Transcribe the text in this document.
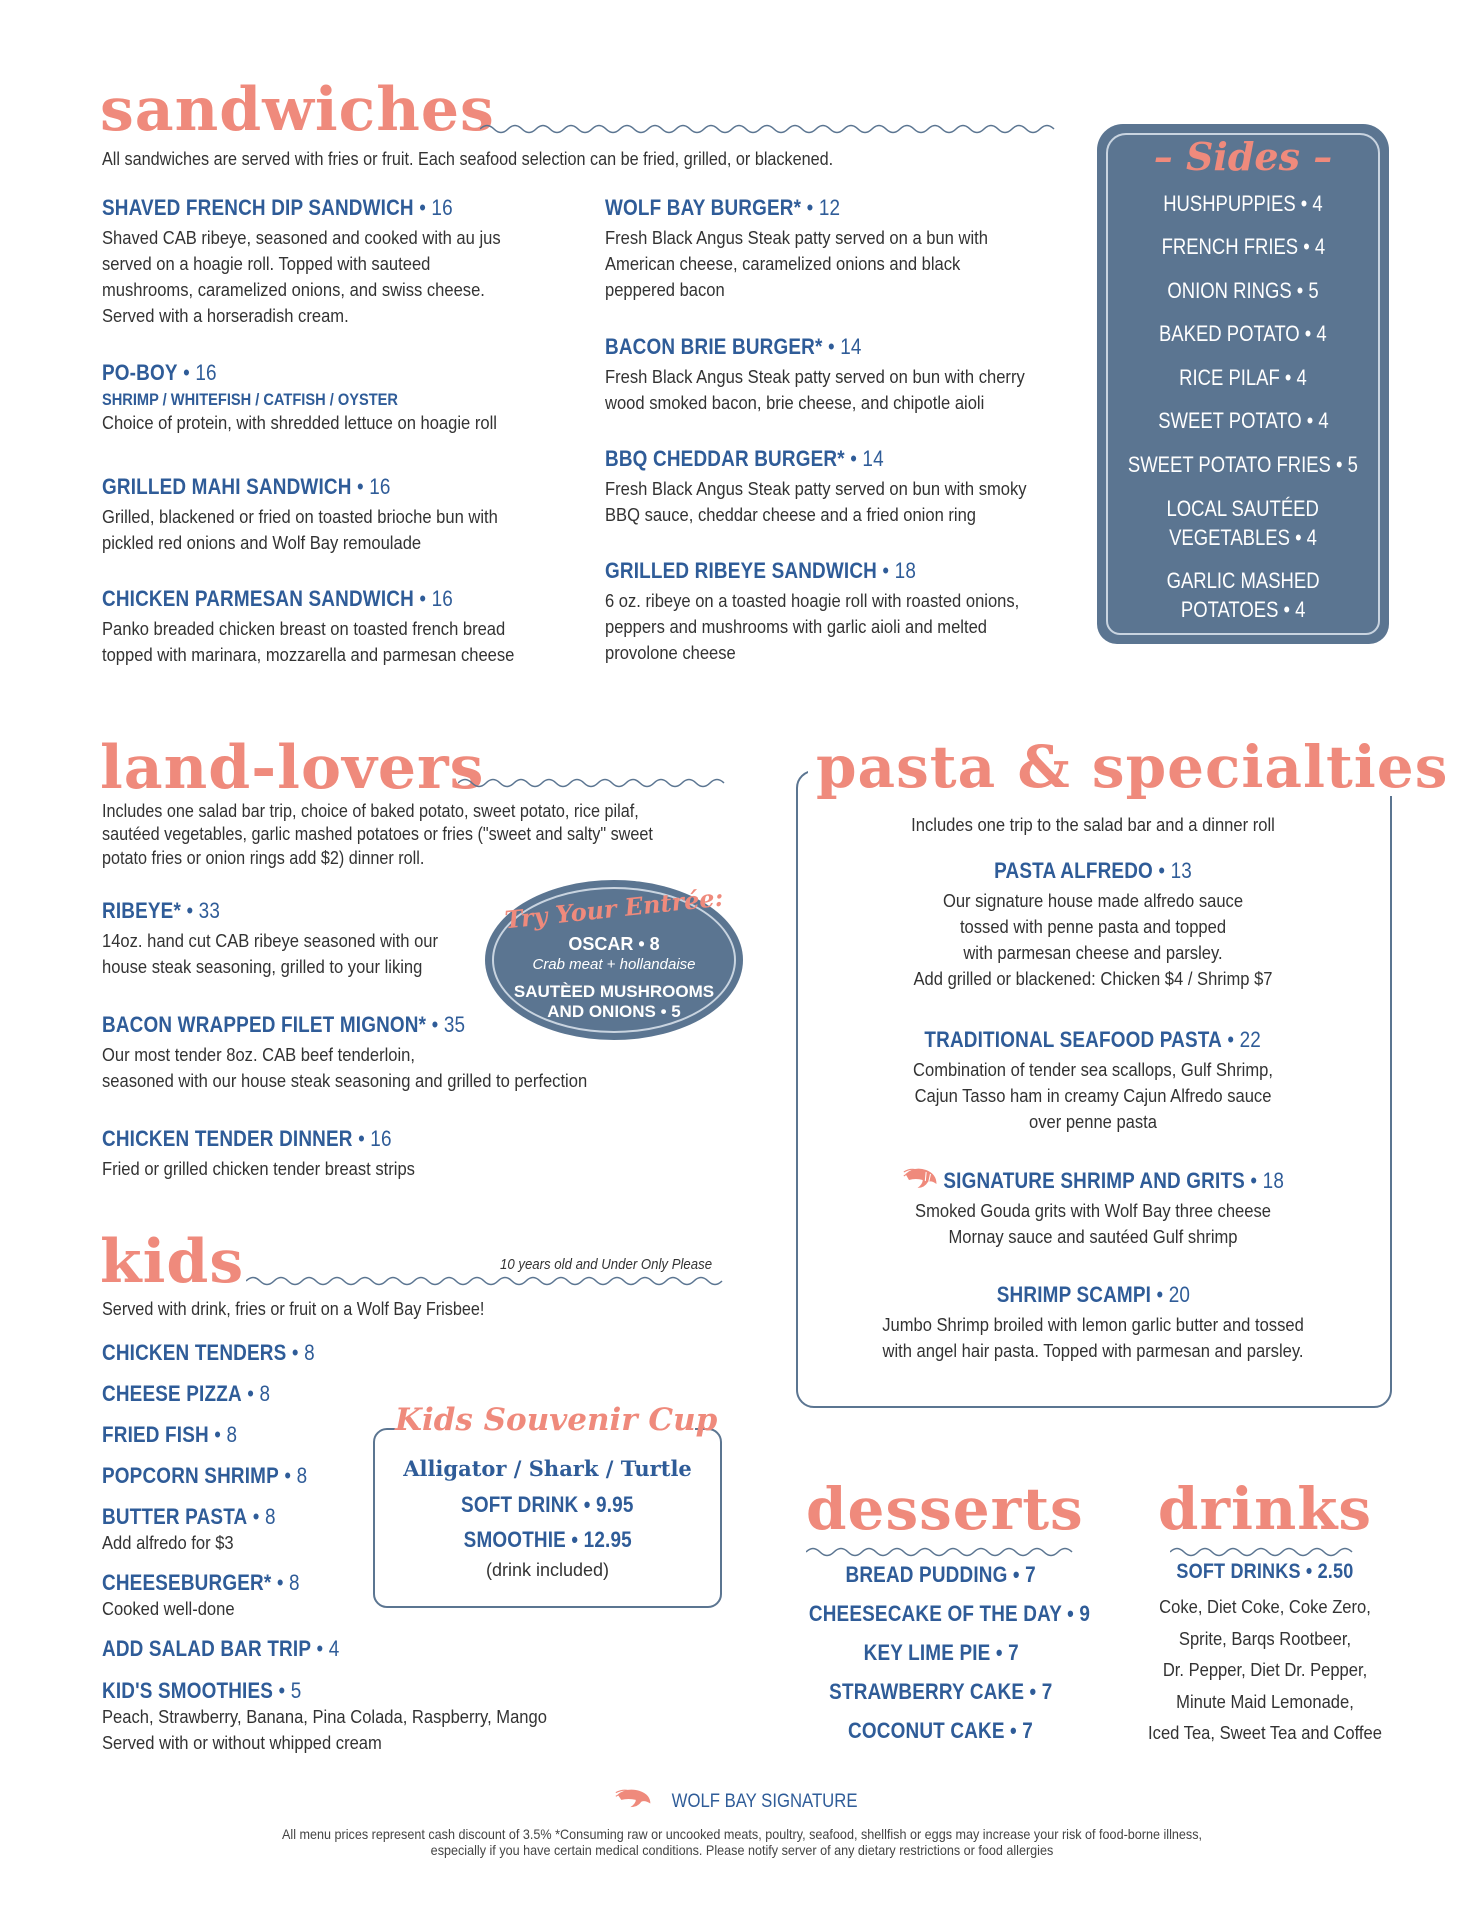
sandwiches
All sandwiches are served with fries or fruit. Each seafood selection can be fried, grilled, or blackened.
SHAVED FRENCH DIP SANDWICH • 16
Shaved CAB ribeye, seasoned and cooked with au jus
served on a hoagie roll. Topped with sauteed
mushrooms, caramelized onions, and swiss cheese.
Served with a horseradish cream.
PO-BOY • 16
SHRIMP / WHITEFISH / CATFISH / OYSTER
Choice of protein, with shredded lettuce on hoagie roll
GRILLED MAHI SANDWICH • 16
Grilled, blackened or fried on toasted brioche bun with
pickled red onions and Wolf Bay remoulade
CHICKEN PARMESAN SANDWICH • 16
Panko breaded chicken breast on toasted french bread
topped with marinara, mozzarella and parmesan cheese
WOLF BAY BURGER* • 12
Fresh Black Angus Steak patty served on a bun with
American cheese, caramelized onions and black
peppered bacon
BACON BRIE BURGER* • 14
Fresh Black Angus Steak patty served on bun with cherry
wood smoked bacon, brie cheese, and chipotle aioli
BBQ CHEDDAR BURGER* • 14
Fresh Black Angus Steak patty served on bun with smoky
BBQ sauce, cheddar cheese and a fried onion ring
GRILLED RIBEYE SANDWICH • 18
6 oz. ribeye on a toasted hoagie roll with roasted onions,
peppers and mushrooms with garlic aioli and melted
provolone cheese
– Sides –
HUSHPUPPIES • 4
FRENCH FRIES • 4
ONION RINGS • 5
BAKED POTATO • 4
RICE PILAF • 4
SWEET POTATO • 4
SWEET POTATO FRIES • 5
LOCAL SAUTÉED
VEGETABLES • 4
GARLIC MASHED
POTATOES • 4
land-lovers
Includes one salad bar trip, choice of baked potato, sweet potato, rice pilaf,
sautéed vegetables, garlic mashed potatoes or fries ("sweet and salty" sweet
potato fries or onion rings add $2) dinner roll.
RIBEYE* • 33
14oz. hand cut CAB ribeye seasoned with our
house steak seasoning, grilled to your liking
BACON WRAPPED FILET MIGNON* • 35
Our most tender 8oz. CAB beef tenderloin,
seasoned with our house steak seasoning and grilled to perfection
CHICKEN TENDER DINNER • 16
Fried or grilled chicken tender breast strips
Try Your Entrée:
OSCAR • 8
Crab meat + hollandaise
SAUTÈED MUSHROOMS
AND ONIONS • 5
kids	10 years old and Under Only Please
Served with drink, fries or fruit on a Wolf Bay Frisbee!
CHICKEN TENDERS • 8
CHEESE PIZZA • 8
FRIED FISH • 8
POPCORN SHRIMP • 8
BUTTER PASTA • 8
Add alfredo for $3
CHEESEBURGER* • 8
Cooked well-done
ADD SALAD BAR TRIP • 4
KID'S SMOOTHIES • 5
Peach, Strawberry, Banana, Pina Colada, Raspberry, Mango
Served with or without whipped cream
Kids Souvenir Cup
Alligator / Shark / Turtle
SOFT DRINK • 9.95
SMOOTHIE • 12.95
(drink included)
pasta & specialties
Includes one trip to the salad bar and a dinner roll
PASTA ALFREDO • 13
Our signature house made alfredo sauce
tossed with penne pasta and topped
with parmesan cheese and parsley.
Add grilled or blackened: Chicken $4 / Shrimp $7
TRADITIONAL SEAFOOD PASTA • 22
Combination of tender sea scallops, Gulf Shrimp,
Cajun Tasso ham in creamy Cajun Alfredo sauce
over penne pasta
SIGNATURE SHRIMP AND GRITS • 18
Smoked Gouda grits with Wolf Bay three cheese
Mornay sauce and sautéed Gulf shrimp
SHRIMP SCAMPI • 20
Jumbo Shrimp broiled with lemon garlic butter and tossed
with angel hair pasta. Topped with parmesan and parsley.
desserts
BREAD PUDDING • 7
CHEESECAKE OF THE DAY • 9
KEY LIME PIE • 7
STRAWBERRY CAKE • 7
COCONUT CAKE • 7
drinks
SOFT DRINKS • 2.50
Coke, Diet Coke, Coke Zero,
Sprite, Barqs Rootbeer,
Dr. Pepper, Diet Dr. Pepper,
Minute Maid Lemonade,
Iced Tea, Sweet Tea and Coffee
WOLF BAY SIGNATURE
All menu prices represent cash discount of 3.5% *Consuming raw or uncooked meats, poultry, seafood, shellfish or eggs may increase your risk of food-borne illness,
especially if you have certain medical conditions. Please notify server of any dietary restrictions or food allergies
